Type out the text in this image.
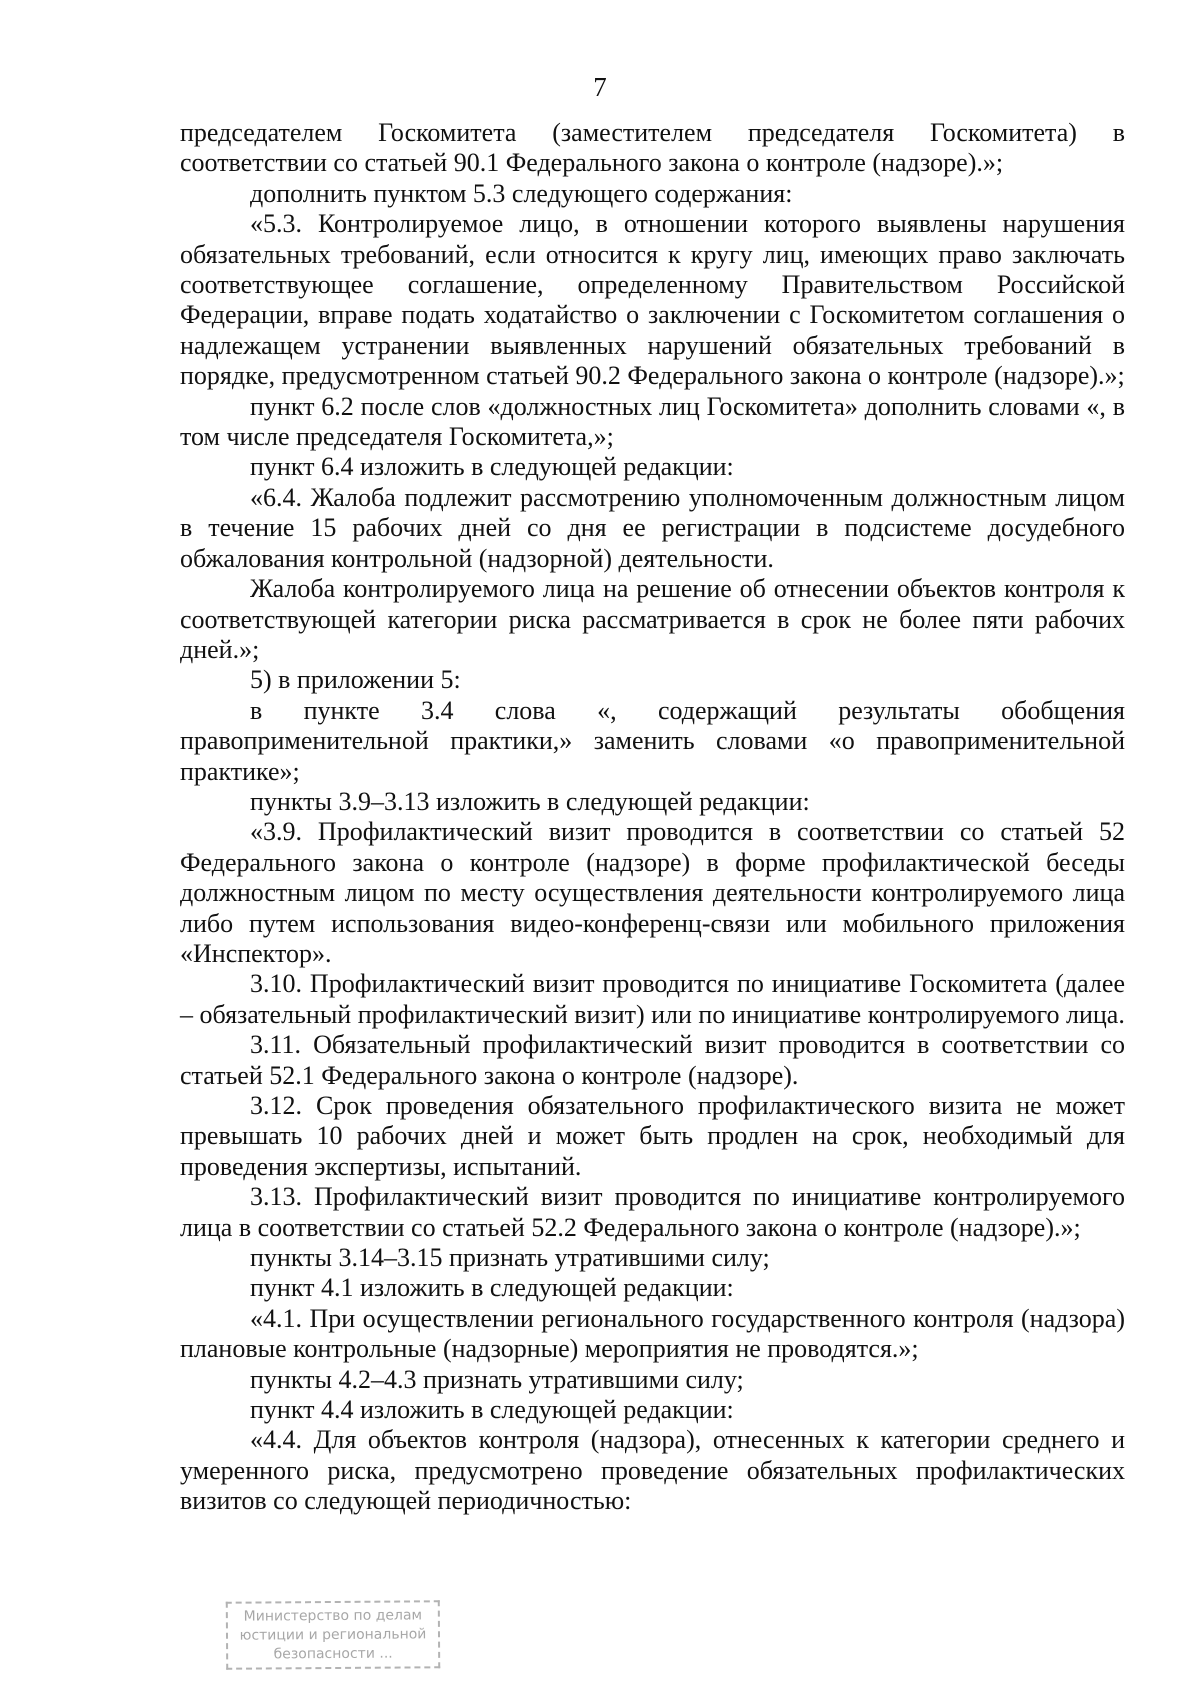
7

председателем Госкомитета (заместителем председателя Госкомитета) в соответствии со статьей 90.1 Федерального закона о контроле (надзоре).»;

дополнить пунктом 5.3 следующего содержания:

«5.3. Контролируемое лицо, в отношении которого выявлены нарушения обязательных требований, если относится к кругу лиц, имеющих право заключать соответствующее соглашение, определенному Правительством Российской Федерации, вправе подать ходатайство о заключении с Госкомитетом соглашения о надлежащем устранении выявленных нарушений обязательных требований в порядке, предусмотренном статьей 90.2 Федерального закона о контроле (надзоре).»;

пункт 6.2 после слов «должностных лиц Госкомитета» дополнить словами «, в том числе председателя Госкомитета,»;

пункт 6.4 изложить в следующей редакции:

«6.4. Жалоба подлежит рассмотрению уполномоченным должностным лицом в течение 15 рабочих дней со дня ее регистрации в подсистеме досудебного обжалования контрольной (надзорной) деятельности.

Жалоба контролируемого лица на решение об отнесении объектов контроля к соответствующей категории риска рассматривается в срок не более пяти рабочих дней.»;

5) в приложении 5:

в пункте 3.4 слова «, содержащий результаты обобщения правоприменительной практики,» заменить словами «о правоприменительной практике»;

пункты 3.9–3.13 изложить в следующей редакции:

«3.9. Профилактический визит проводится в соответствии со статьей 52 Федерального закона о контроле (надзоре) в форме профилактической беседы должностным лицом по месту осуществления деятельности контролируемого лица либо путем использования видео-конференц-связи или мобильного приложения «Инспектор».

3.10. Профилактический визит проводится по инициативе Госкомитета (далее – обязательный профилактический визит) или по инициативе контролируемого лица.

3.11. Обязательный профилактический визит проводится в соответствии со статьей 52.1 Федерального закона о контроле (надзоре).

3.12. Срок проведения обязательного профилактического визита не может превышать 10 рабочих дней и может быть продлен на срок, необходимый для проведения экспертизы, испытаний.

3.13. Профилактический визит проводится по инициативе контролируемого лица в соответствии со статьей 52.2 Федерального закона о контроле (надзоре).»;

пункты 3.14–3.15 признать утратившими силу;

пункт 4.1 изложить в следующей редакции:

«4.1. При осуществлении регионального государственного контроля (надзора) плановые контрольные (надзорные) мероприятия не проводятся.»;

пункты 4.2–4.3 признать утратившими силу;

пункт 4.4 изложить в следующей редакции:

«4.4. Для объектов контроля (надзора), отнесенных к категории среднего и умеренного риска, предусмотрено проведение обязательных профилактических визитов со следующей периодичностью:

Министерство по делам
юстиции и региональной
безопасности ...
